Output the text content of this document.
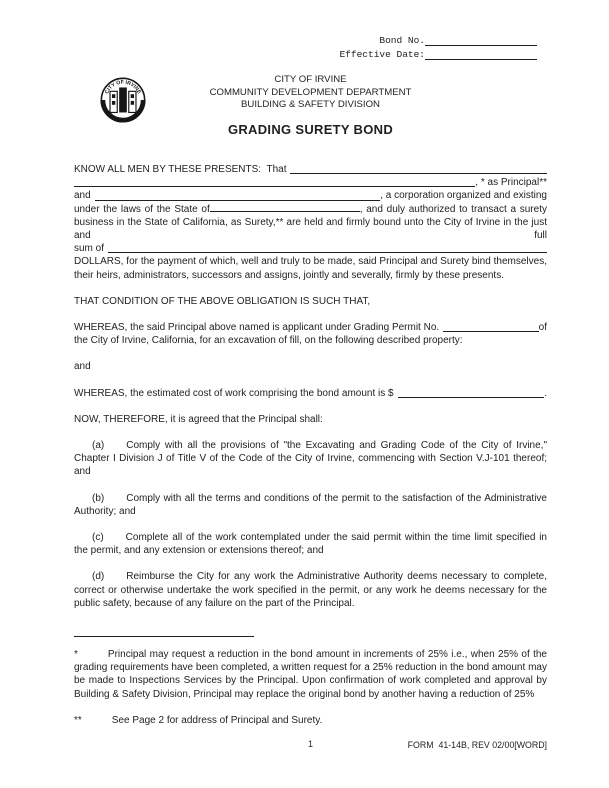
Bond No.
Effective Date:
CITY OF IRVINE
CITY OF IRVINE
COMMUNITY DEVELOPMENT DEPARTMENT
BUILDING & SAFETY DIVISION
GRADING SURETY BOND
KNOW ALL MEN BY THESE PRESENTS:  That
, * as Principal**
and	, a corporation organized and existing

under the laws of the State of	, and duly authorized to transact a surety business in the State of California, as Surety,** are held and firmly bound unto the City of Irvine in the just and full

sum of

DOLLARS, for the payment of which, well and truly to be made, said Principal and Surety bind themselves, their heirs, administrators, successors and assigns, jointly and severally, firmly by these presents.

THAT CONDITION OF THE ABOVE OBLIGATION IS SUCH THAT,

WHEREAS, the said Principal above named is applicant under Grading Permit No.	of
the City of Irvine, California, for an excavation of fill, on the following described property:

and

WHEREAS, the estimated cost of work comprising the bond amount is $	.

NOW, THEREFORE, it is agreed that the Principal shall:

(a) Comply with all the provisions of "the Excavating and Grading Code of the City of Irvine," Chapter I Division J of Title V of the Code of the City of Irvine, commencing with Section V.J-101 thereof; and

(b) Comply with all the terms and conditions of the permit to the satisfaction of the Administrative Authority; and

(c) Complete all of the work contemplated under the said permit within the time limit specified in the permit, and any extension or extensions thereof; and

(d) Reimburse the City for any work the Administrative Authority deems necessary to complete, correct or otherwise undertake the work specified in the permit, or any work he deems necessary for the public safety, because of any failure on the part of the Principal.

*	Principal may request a reduction in the bond amount in increments of 25% i.e., when 25% of the grading requirements have been completed, a written request for a 25% reduction in the bond amount may be made to Inspections Services by the Principal. Upon confirmation of work completed and approval by Building & Safety Division, Principal may replace the original bond by another having a reduction of 25%

**	See Page 2 for address of Principal and Surety.

1	FORM  41-14B, REV 02/00[WORD]
